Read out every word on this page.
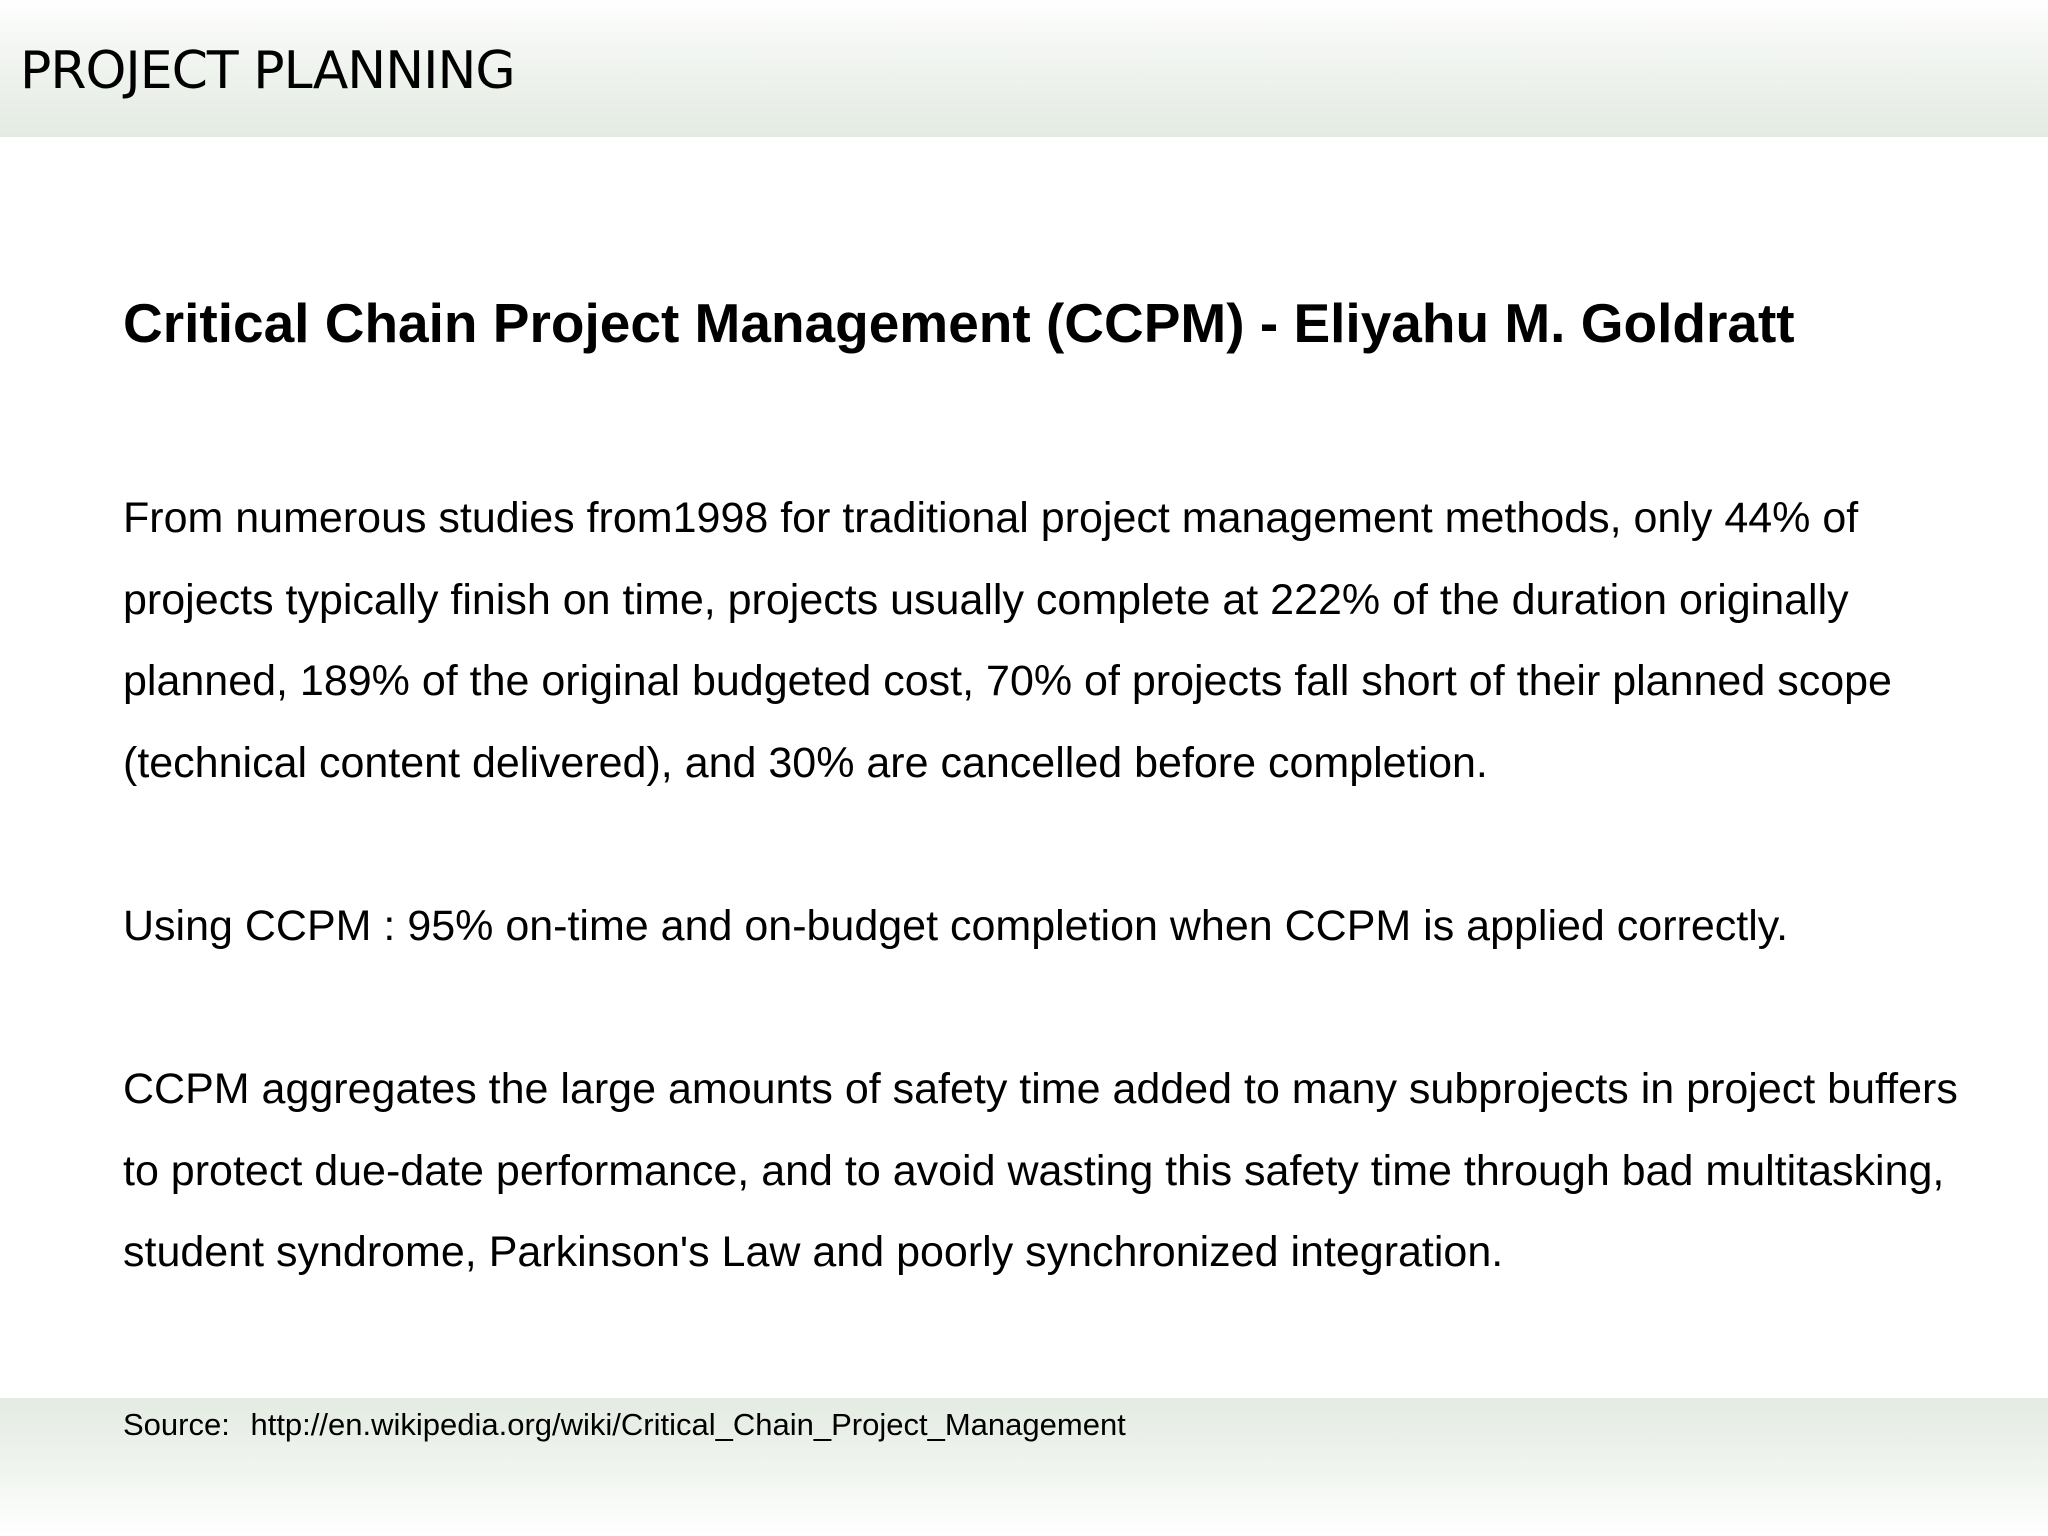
PROJECT PLANNING
Critical Chain Project Management (CCPM) - Eliyahu M. Goldratt

From numerous studies from1998 for traditional project management methods, only 44% of projects typically finish on time, projects usually complete at 222% of the duration originally planned, 189% of the original budgeted cost, 70% of projects fall short of their planned scope (technical content delivered), and 30% are cancelled before completion.

Using CCPM : 95% on-time and on-budget completion when CCPM is applied correctly.

CCPM aggregates the large amounts of safety time added to many subprojects in project buffers to protect due-date performance, and to avoid wasting this safety time through bad multitasking, student syndrome, Parkinson's Law and poorly synchronized integration.

Source: http://en.wikipedia.org/wiki/Critical_Chain_Project_Management
